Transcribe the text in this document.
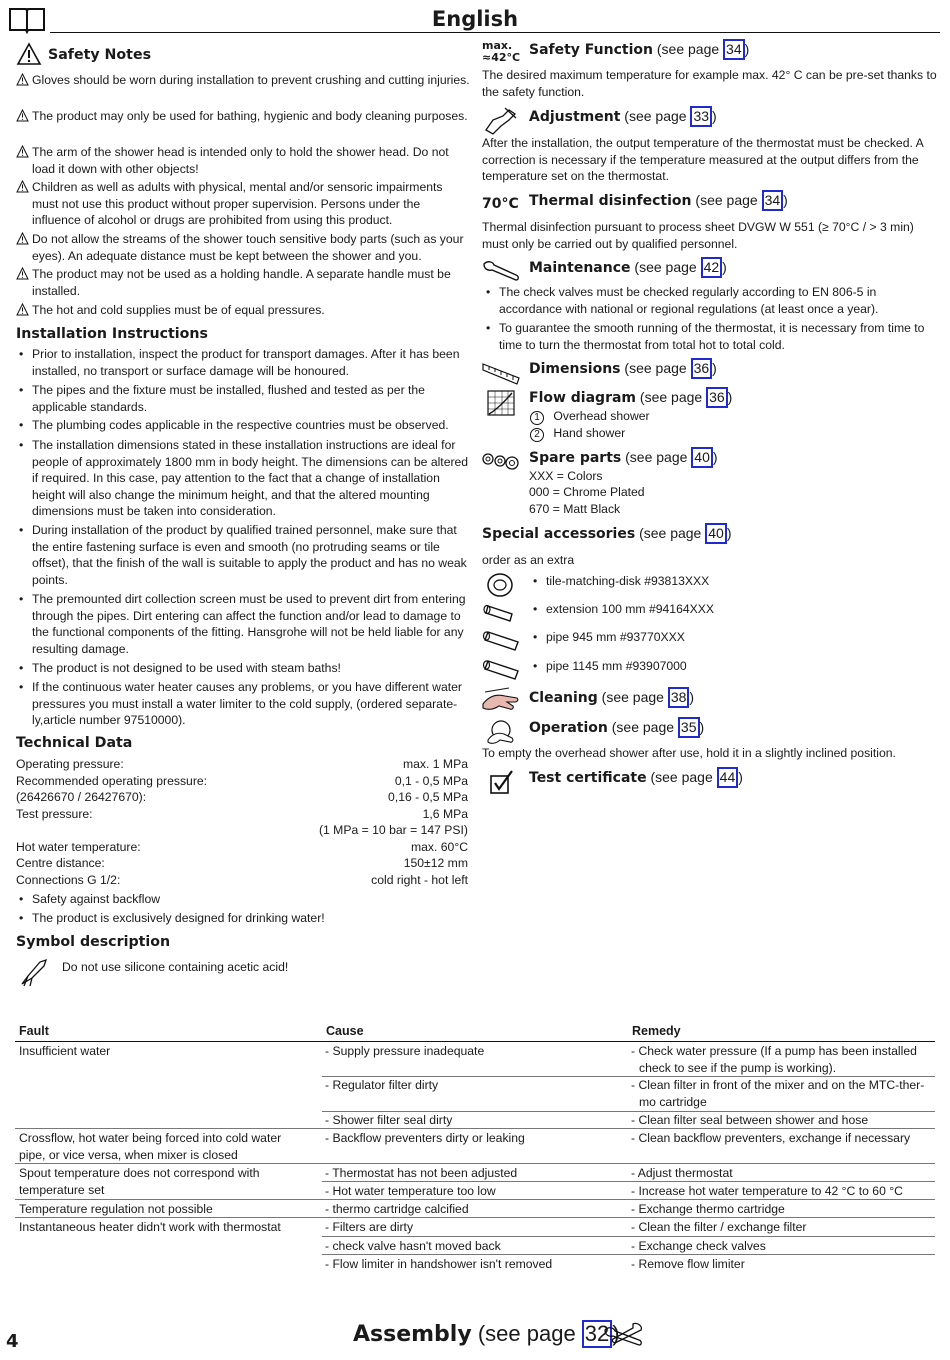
English
Safety Notes
Gloves should be worn during installation to prevent crushing and cutting injuries.
The product may only be used for bathing, hygienic and body cleaning purposes.
The arm of the shower head is intended only to hold the shower head. Do not load it down with other objects!
Children as well as adults with physical, mental and/or sensoric impairments must not use this product without proper supervision. Persons under the influence of alcohol or drugs are prohibited from using this product.
Do not allow the streams of the shower touch sensitive body parts (such as your eyes). An adequate distance must be kept between the shower and you.
The product may not be used as a holding handle. A separate handle must be installed.
The hot and cold supplies must be of equal pressures.
Installation Instructions
• Prior to installation, inspect the product for transport damages. After it has been installed, no transport or surface damage will be honoured.
• The pipes and the fixture must be installed, flushed and tested as per the applicable standards.
• The plumbing codes applicable in the respective countries must be observed.
• The installation dimensions stated in these installation instructions are ideal for people of approximately 1800 mm in body height. The dimensions can be altered if required. In this case, pay attention to the fact that a change of installation height will also change the minimum height, and that the altered mounting dimensions must be taken into consideration.
• During installation of the product by qualified trained personnel, make sure that the entire fastening surface is even and smooth (no protruding seams or tile offset), that the finish of the wall is suitable to apply the product and has no weak points.
• The premounted dirt collection screen must be used to prevent dirt from entering through the pipes. Dirt entering can affect the function and/or lead to damage to the functional components of the fitting. Hansgrohe will not be held liable for any resulting damage.
• The product is not designed to be used with steam baths!
• If the continuous water heater causes any problems, or you have different water pressures you must install a water limiter to the cold supply, (ordered separate-ly,article number 97510000).
Technical Data
Operating pressure:	max. 1 MPa
Recommended operating pressure:	0,1 - 0,5 MPa
(26426670 / 26427670):	0,16 - 0,5 MPa
Test pressure:	1,6 MPa
(1 MPa = 10 bar = 147 PSI)
Hot water temperature:	max. 60°C
Centre distance:	150±12 mm
Connections G 1/2:	cold right - hot left
• Safety against backflow
• The product is exclusively designed for drinking water!
Symbol description
Do not use silicone containing acetic acid!
max.
≈42°C Safety Function (see page 34 )
The desired maximum temperature for example max. 42° C can be pre-set thanks to the safety function.
Adjustment (see page 33 )
After the installation, the output temperature of the thermostat must be checked. A correction is necessary if the temperature measured at the output differs from the temperature set on the thermostat.
70°C Thermal disinfection (see page 34 )
Thermal disinfection pursuant to process sheet DVGW W 551 (≥ 70°C / > 3 min) must only be carried out by qualified personnel.
Maintenance (see page 42 )
• The check valves must be checked regularly according to EN 806-5 in accordance with national or regional regulations (at least once a year).
• To guarantee the smooth running of the thermostat, it is necessary from time to time to turn the thermostat from total hot to total cold.
Dimensions (see page 36 )
Flow diagram (see page 36 )
1 Overhead shower
2 Hand shower
Spare parts (see page 40 )
XXX = Colors
000 = Chrome Plated
670 = Matt Black
Special accessories (see page 40 )
order as an extra
• tile-matching-disk #93813XXX
• extension 100 mm #94164XXX
• pipe 945 mm #93770XXX
• pipe 1145 mm #93907000
Cleaning (see page 38 )
Operation (see page 35 )
To empty the overhead shower after use, hold it in a slightly inclined position.
Test certificate (see page 44 )
Fault	Cause	Remedy
Insufficient water	- Supply pressure inadequate	- Check water pressure (If a pump has been installed check to see if the pump is working).
- Regulator filter dirty	- Clean filter in front of the mixer and on the MTC-ther-mo cartridge
- Shower filter seal dirty	- Clean filter seal between shower and hose
Crossflow, hot water being forced into cold water pipe, or vice versa, when mixer is closed
- Backflow preventers dirty or leaking	- Clean backflow preventers, exchange if necessary
Spout temperature does not correspond with temperature set
- Thermostat has not been adjusted	- Adjust thermostat
- Hot water temperature too low	- Increase hot water temperature to 42 °C to 60 °C
Temperature regulation not possible	- thermo cartridge calcified	- Exchange thermo cartridge
Instantaneous heater didn't work with thermostat	- Filters are dirty	- Clean the filter / exchange filter
- check valve hasn't moved back	- Exchange check valves
- Flow limiter in handshower isn't removed	- Remove flow limiter
4	Assembly (see page 32 )
